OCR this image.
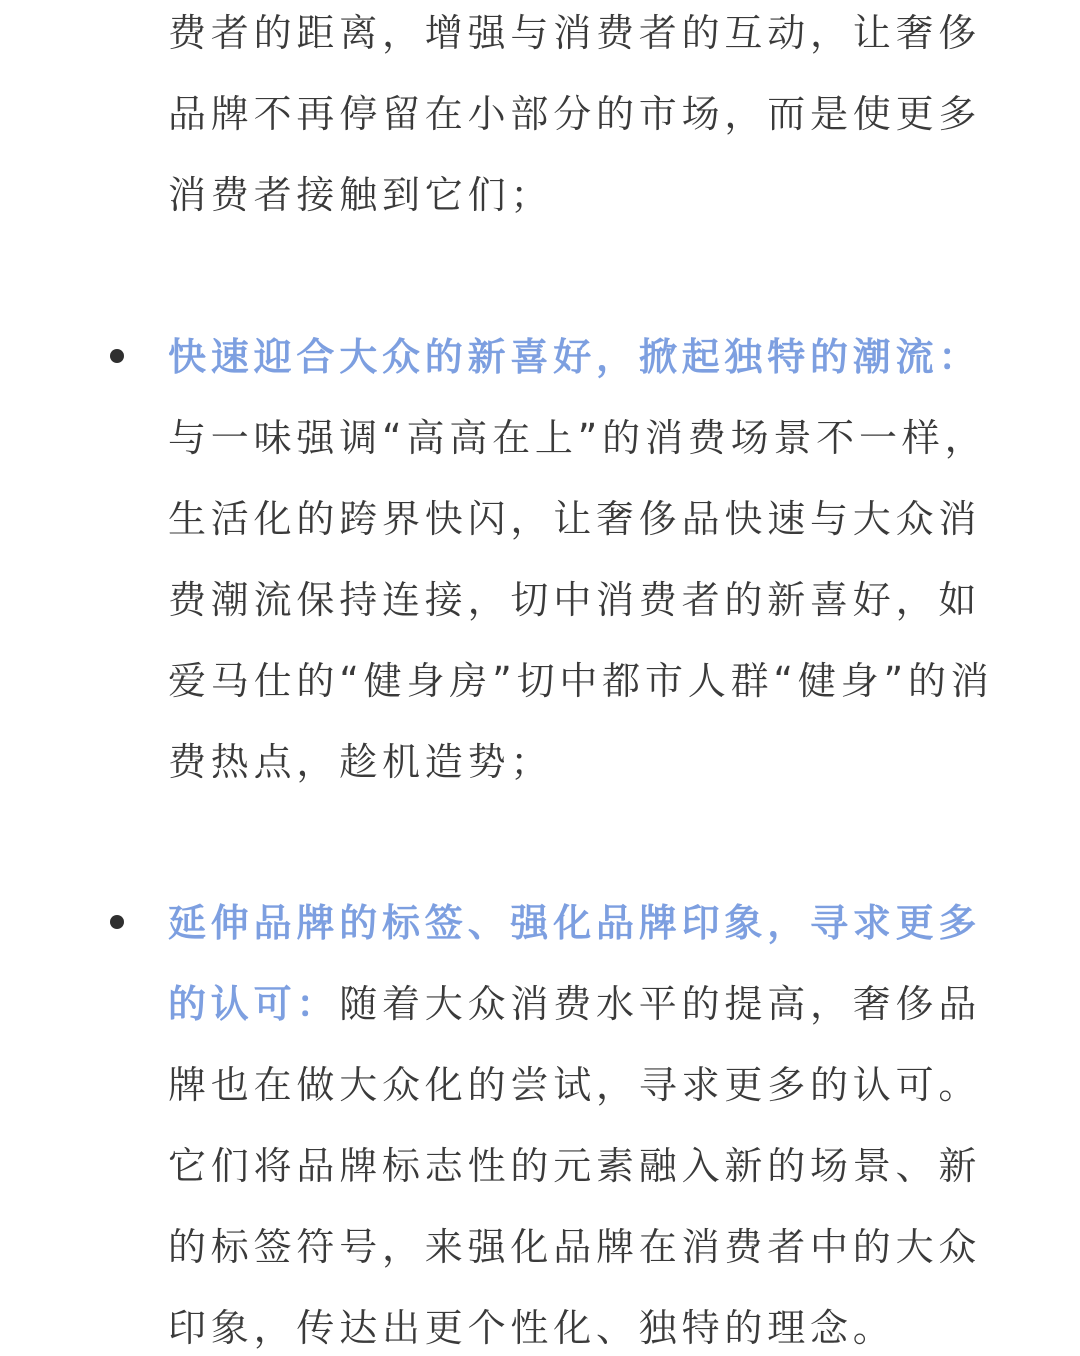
费者的距离，增强与消费者的互动，让奢侈
品牌不再停留在小部分的市场，而是使更多
消费者接触到它们；
快速迎合大众的新喜好，掀起独特的潮流：
与一味强调“高高在上”的消费场景不一样，
生活化的跨界快闪，让奢侈品快速与大众消
费潮流保持连接，切中消费者的新喜好，如
爱马仕的“健身房”切中都市人群“健身”的消
费热点，趁机造势；
延伸品牌的标签、强化品牌印象，寻求更多
的认可：随着大众消费水平的提高，奢侈品
牌也在做大众化的尝试，寻求更多的认可。
它们将品牌标志性的元素融入新的场景、新
的标签符号，来强化品牌在消费者中的大众
印象，传达出更个性化、独特的理念。
